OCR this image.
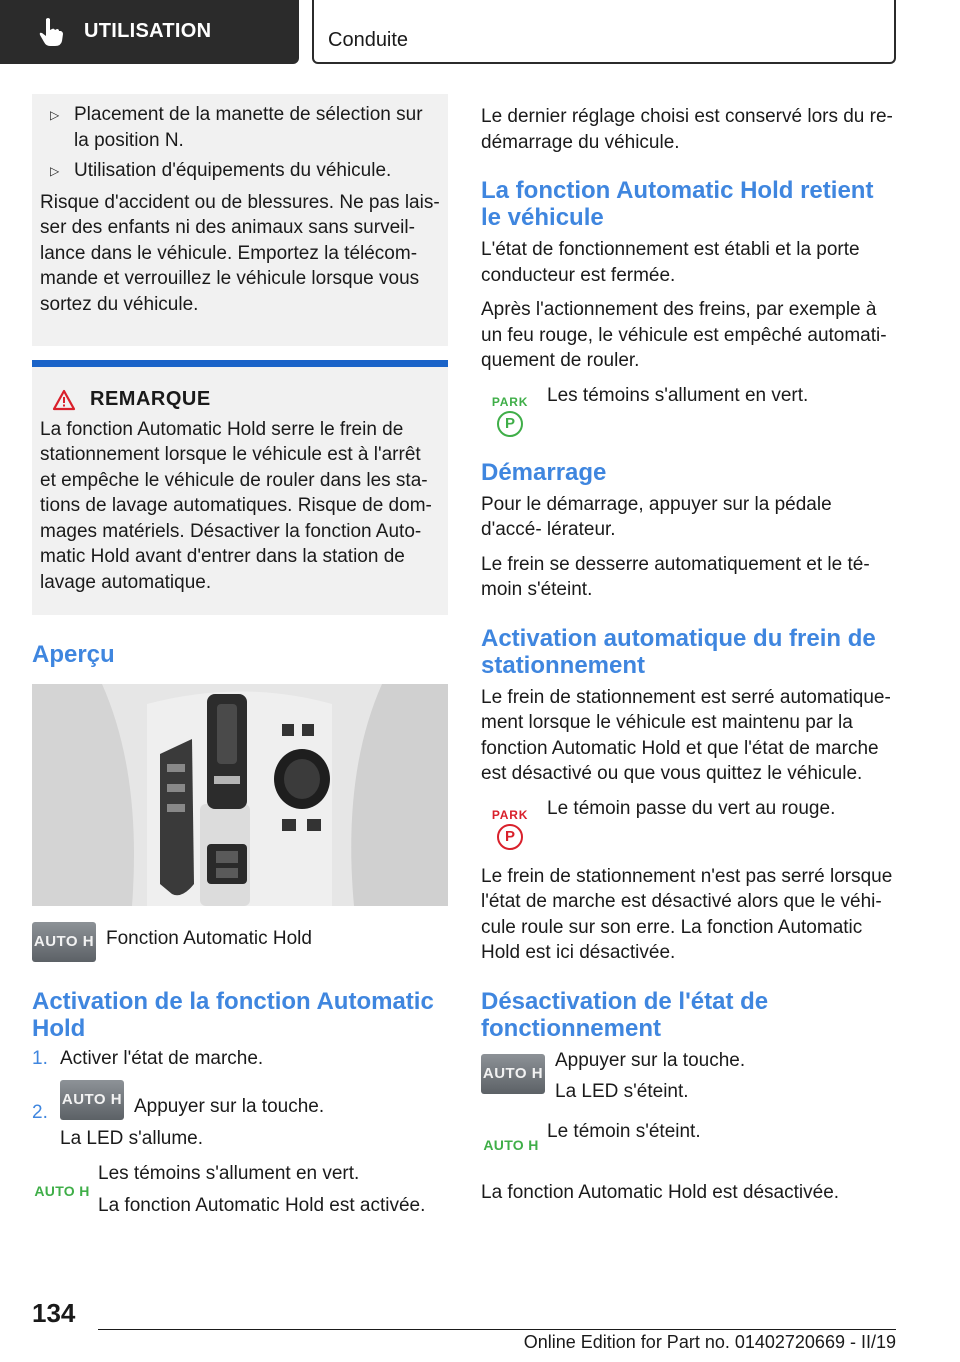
UTILISATION	Conduite
▷ Placement de la manette de sélection sur la position N.
▷ Utilisation d'équipements du véhicule.

Risque d'accident ou de blessures. Ne pas lais‐ ser des enfants ni des animaux sans surveil‐ lance dans le véhicule. Emportez la télécom‐ mande et verrouillez le véhicule lorsque vous sortez du véhicule.

REMARQUE

La fonction Automatic Hold serre le frein de stationnement lorsque le véhicule est à l'arrêt et empêche le véhicule de rouler dans les sta‐ tions de lavage automatiques. Risque de dom‐ mages matériels. Désactiver la fonction Auto‐ matic Hold avant d'entrer dans la station de lavage automatique.

Aperçu
AUTO H Fonction Automatic Hold
Activation de la fonction Automatic Hold
1. Activer l'état de marche.
2.
AUTO H Appuyer sur la touche.
La LED s'allume.
AUTO H
Les témoins s'allument en vert.
La fonction Automatic Hold est activée.

Le dernier réglage choisi est conservé lors du re‐ démarrage du véhicule.

La fonction Automatic Hold retient le véhicule

L'état de fonctionnement est établi et la porte conducteur est fermée.

Après l'actionnement des freins, par exemple à un feu rouge, le véhicule est empêché automati‐ quement de rouler.

PARK
P
Les témoins s'allument en vert.
Démarrage

Pour le démarrage, appuyer sur la pédale d'accé‐ lérateur.

Le frein se desserre automatiquement et le té‐ moin s'éteint.

Activation automatique du frein de stationnement

Le frein de stationnement est serré automatique‐ ment lorsque le véhicule est maintenu par la fonction Automatic Hold et que l'état de marche est désactivé ou que vous quittez le véhicule.

PARK
P
Le témoin passe du vert au rouge.

Le frein de stationnement n'est pas serré lorsque l'état de marche est désactivé alors que le véhi‐ cule roule sur son erre. La fonction Automatic Hold est ici désactivée.

Désactivation de l'état de fonctionnement
AUTO H
Appuyer sur la touche.
La LED s'éteint.
AUTO H
Le témoin s'éteint.

La fonction Automatic Hold est désactivée.

134
Online Edition for Part no. 01402720669 - II/19
